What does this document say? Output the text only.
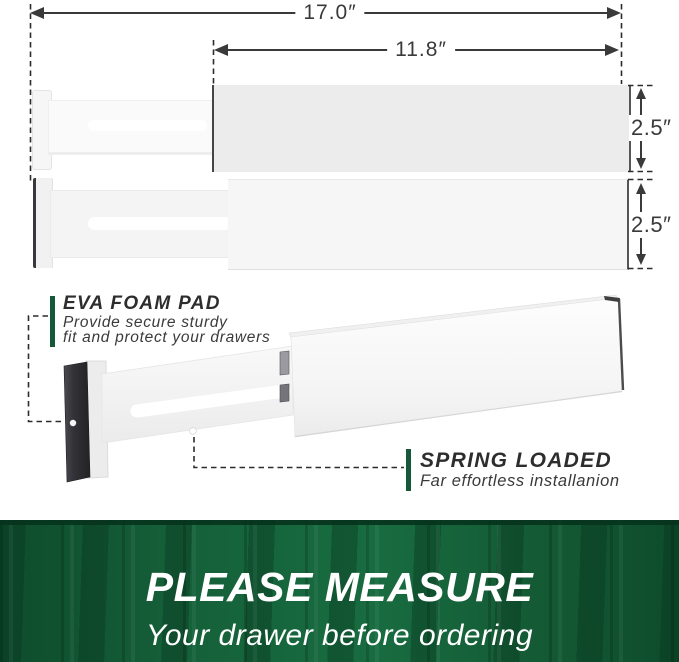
17.0″
11.8″
2.5″
2.5″
EVA FOAM PAD
Provide secure sturdy
fit and protect your drawers
SPRING LOADED
Far effortless installanion
PLEASE MEASURE
Your drawer before ordering
